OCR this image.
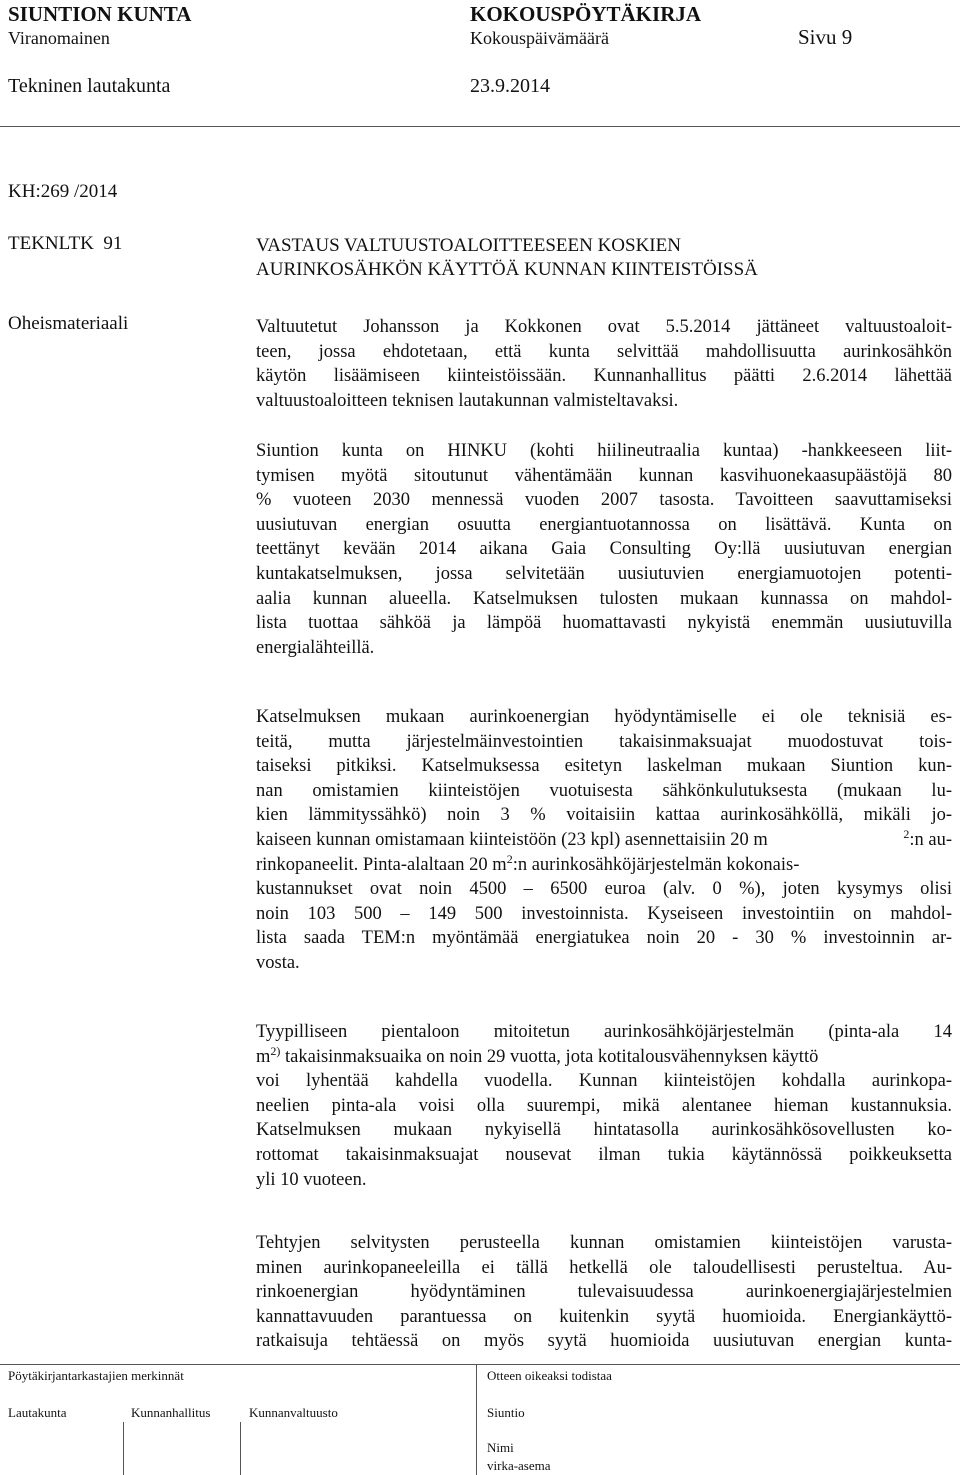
SIUNTION KUNTA	KOKOUSPÖYTÄKIRJA
Viranomainen	Kokouspäivämäärä	Sivu 9
Tekninen lautakunta	23.9.2014
KH:269 /2014
TEKNLTK  91
Oheismateriaali
VASTAUS VALTUUSTOALOITTEESEEN KOSKIEN
AURINKOSÄHKÖN KÄYTTÖÄ KUNNAN KIINTEISTÖISSÄ
Valtuutetut Johansson ja Kokkonen ovat 5.5.2014 jättäneet valtuustoaloit-
teen, jossa ehdotetaan, että kunta selvittää mahdollisuutta aurinkosähkön
käytön lisäämiseen kiinteistöissään. Kunnanhallitus päätti 2.6.2014 lähettää
valtuustoaloitteen teknisen lautakunnan valmisteltavaksi.
Siuntion kunta on HINKU (kohti hiilineutraalia kuntaa) -hankkeeseen liit-
tymisen myötä sitoutunut vähentämään kunnan kasvihuonekaasupäästöjä 80
% vuoteen 2030 mennessä vuoden 2007 tasosta. Tavoitteen saavuttamiseksi
uusiutuvan energian osuutta energiantuotannossa on lisättävä. Kunta on
teettänyt kevään 2014 aikana Gaia Consulting Oy:llä uusiutuvan energian
kuntakatselmuksen, jossa selvitetään uusiutuvien energiamuotojen potenti-
aalia kunnan alueella. Katselmuksen tulosten mukaan kunnassa on mahdol-
lista tuottaa sähköä ja lämpöä huomattavasti nykyistä enemmän uusiutuvilla
energialähteillä.
Katselmuksen mukaan aurinkoenergian hyödyntämiselle ei ole teknisiä es-
teitä, mutta järjestelmäinvestointien takaisinmaksuajat muodostuvat tois-
taiseksi pitkiksi. Katselmuksessa esitetyn laskelman mukaan Siuntion kun-
nan omistamien kiinteistöjen vuotuisesta sähkönkulutuksesta (mukaan lu-
kien lämmityssähkö) noin 3 % voitaisiin kattaa aurinkosähköllä, mikäli jo-
kaiseen kunnan omistamaan kiinteistöön (23 kpl) asennettaisiin 20 m	$^2$:n au-
rinkopaneelit. Pinta-alaltaan 20 $m^2:n$ aurinkosähköjärjestelmän kokonais-
kustannukset ovat noin 4500 – 6500 euroa (alv. 0 %), joten kysymys olisi
noin 103 500 – 149 500 investoinnista. Kyseiseen investointiin on mahdol-
lista saada TEM:n myöntämää energiatukea noin 20 - 30 % investoinnin ar-
vosta.
Tyypilliseen pientaloon mitoitetun aurinkosähköjärjestelmän (pinta-ala 14
$m^{2)}$ takaisinmaksuaika on noin 29 vuotta, jota kotitalousvähennyksen käyttö
voi lyhentää kahdella vuodella. Kunnan kiinteistöjen kohdalla aurinkopa-
neelien pinta-ala voisi olla suurempi, mikä alentanee hieman kustannuksia.
Katselmuksen mukaan nykyisellä hintatasolla aurinkosähkösovellusten ko-
rottomat takaisinmaksuajat nousevat ilman tukia käytännössä poikkeuksetta
yli 10 vuoteen.
Tehtyjen selvitysten perusteella kunnan omistamien kiinteistöjen varusta-
minen aurinkopaneeleilla ei tällä hetkellä ole taloudellisesti perusteltua. Au-
rinkoenergian hyödyntäminen tulevaisuudessa aurinkoenergiajärjestelmien
kannattavuuden parantuessa on kuitenkin syytä huomioida. Energiankäyttö-
ratkaisuja tehtäessä on myös syytä huomioida uusiutuvan energian kunta-
Pöytäkirjantarkastajien merkinnät	Otteen oikeaksi todistaa
Lautakunta	Kunnanhallitus	Kunnanvaltuusto	Siuntio
Nimi
virka-asema
